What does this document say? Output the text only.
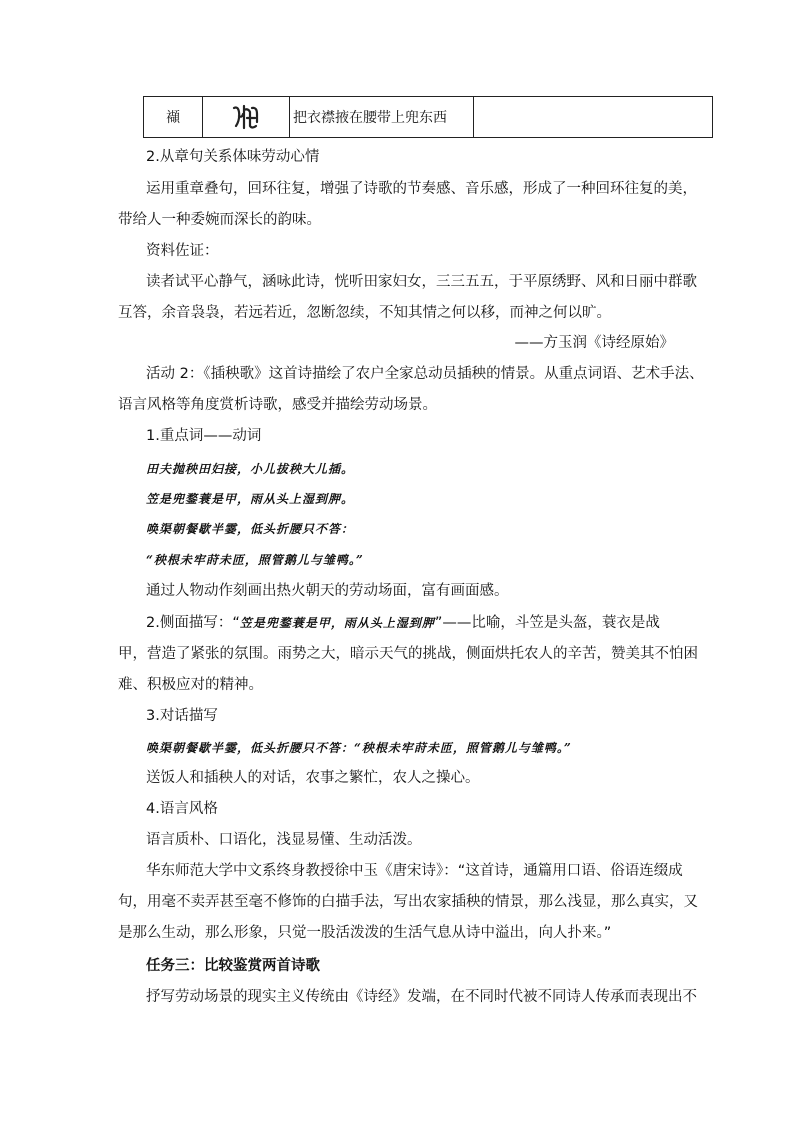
襭		把衣襟掖在腰带上兜东西	
2.从章句关系体味劳动心情
运用重章叠句，回环往复，增强了诗歌的节奏感、音乐感，形成了一种回环往复的美，
带给人一种委婉而深长的韵味。
资料佐证：
读者试平心静气，涵咏此诗，恍听田家妇女，三三五五，于平原绣野、风和日丽中群歌
互答，余音袅袅，若远若近，忽断忽续，不知其情之何以移，而神之何以旷。
——方玉润《诗经原始》
活动 2：《插秧歌》这首诗描绘了农户全家总动员插秧的情景。从重点词语、艺术手法、
语言风格等角度赏析诗歌，感受并描绘劳动场景。
1.重点词——动词
田夫抛秧田妇接，小儿拔秧大儿插。
笠是兜鍪蓑是甲，雨从头上湿到胛。
唤渠朝餐歇半霎，低头折腰只不答：
“秧根未牢莳未匝，照管鹅儿与雏鸭。”
通过人物动作刻画出热火朝天的劳动场面，富有画面感。
2.侧面描写：“笠是兜鍪蓑是甲，雨从头上湿到胛”——比喻，斗笠是头盔，蓑衣是战
甲，营造了紧张的氛围。雨势之大，暗示天气的挑战，侧面烘托农人的辛苦，赞美其不怕困
难、积极应对的精神。
3.对话描写
唤渠朝餐歇半霎，低头折腰只不答：“秧根未牢莳未匝，照管鹅儿与雏鸭。”
送饭人和插秧人的对话，农事之繁忙，农人之操心。
4.语言风格
语言质朴、口语化，浅显易懂、生动活泼。
华东师范大学中文系终身教授徐中玉《唐宋诗》：“这首诗，通篇用口语、俗语连缀成
句，用毫不卖弄甚至毫不修饰的白描手法，写出农家插秧的情景，那么浅显，那么真实，又
是那么生动，那么形象，只觉一股活泼泼的生活气息从诗中溢出，向人扑来。”
任务三：比较鉴赏两首诗歌
抒写劳动场景的现实主义传统由《诗经》发端，在不同时代被不同诗人传承而表现出不
